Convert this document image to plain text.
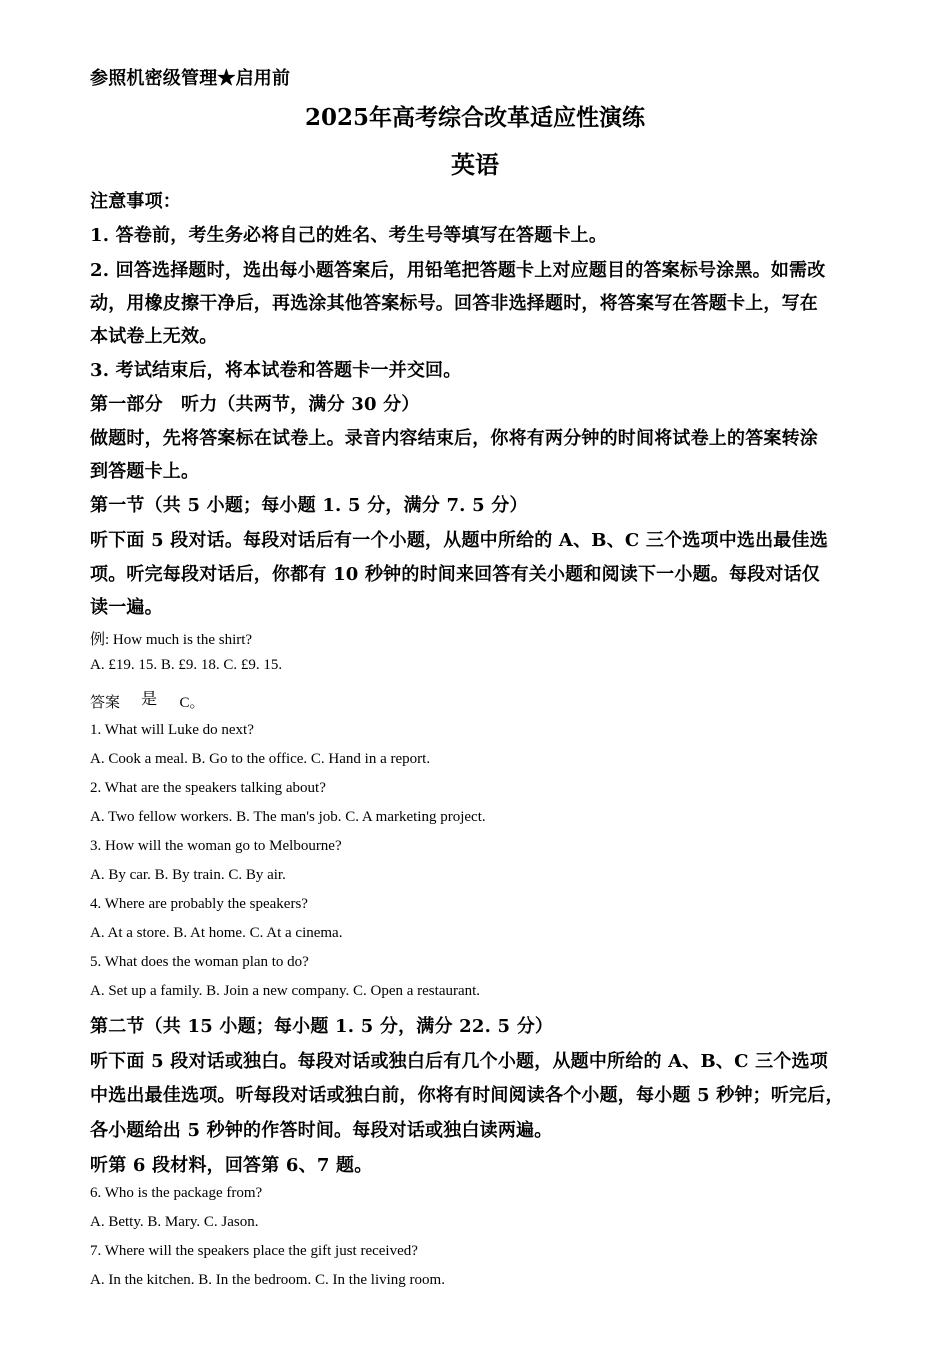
参照机密级管理★启用前
2025年高考综合改革适应性演练
英语
注意事项：
1. 答卷前，考生务必将自己的姓名、考生号等填写在答题卡上。
2. 回答选择题时，选出每小题答案后，用铅笔把答题卡上对应题目的答案标号涂黑。如需改
动，用橡皮擦干净后，再选涂其他答案标号。回答非选择题时，将答案写在答题卡上，写在
本试卷上无效。
3. 考试结束后，将本试卷和答题卡一并交回。
第一部分　听力（共两节，满分 30 分）
做题时，先将答案标在试卷上。录音内容结束后，你将有两分钟的时间将试卷上的答案转涂
到答题卡上。
第一节（共 5 小题；每小题 1. 5 分，满分 7. 5 分）
听下面 5 段对话。每段对话后有一个小题，从题中所给的 A、B、C 三个选项中选出最佳选
项。听完每段对话后，你都有 10 秒钟的时间来回答有关小题和阅读下一小题。每段对话仅
读一遍。
例: How much is the shirt?
A. £19. 15. B. £9. 18. C. £9. 15.
答案	C。
是
1. What will Luke do next?
A. Cook a meal. B. Go to the office. C. Hand in a report.
2. What are the speakers talking about?
A. Two fellow workers. B. The man's job. C. A marketing project.
3. How will the woman go to Melbourne?
A. By car. B. By train. C. By air.
4. Where are probably the speakers?
A. At a store. B. At home. C. At a cinema.
5. What does the woman plan to do?
A. Set up a family. B. Join a new company. C. Open a restaurant.
第二节（共 15 小题；每小题 1. 5 分，满分 22. 5 分）
听下面 5 段对话或独白。每段对话或独白后有几个小题，从题中所给的 A、B、C 三个选项
中选出最佳选项。听每段对话或独白前，你将有时间阅读各个小题，每小题 5 秒钟；听完后，
各小题给出 5 秒钟的作答时间。每段对话或独白读两遍。
听第 6 段材料，回答第 6、7 题。
6. Who is the package from?
A. Betty. B. Mary. C. Jason.
7. Where will the speakers place the gift just received?
A. In the kitchen. B. In the bedroom. C. In the living room.
